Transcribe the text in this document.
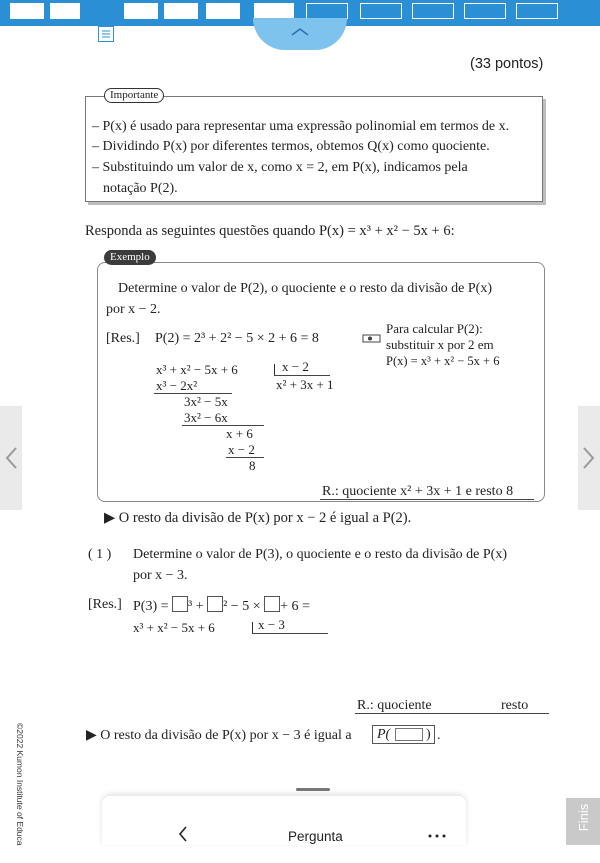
(33 pontos)
Importante
– P(x) é usado para representar uma expressão polinomial em termos de x.
– Dividindo P(x) por diferentes termos, obtemos Q(x) como quociente.
– Substituindo um valor de x, como x = 2, em P(x), indicamos pela
notação P(2).
Responda as seguintes questões quando P(x) = x³ + x² − 5x + 6:
Exemplo
Determine o valor de P(2), o quociente e o resto da divisão de P(x)
por x − 2.
[Res.] P(2) = 2³ + 2² − 5 × 2 + 6 = 8
Para calcular P(2):
substituir x por 2 em
P(x) = x³ + x² − 5x + 6
x³ + x² − 5x + 6	x − 2
x² + 3x + 1
x³ − 2x²
3x² − 5x
3x² − 6x
x + 6
x − 2
8
R.: quociente x² + 3x + 1 e resto 8
▶ O resto da divisão de P(x) por x − 2 é igual a P(2).
( 1 ) Determine o valor de P(3), o quociente e o resto da divisão de P(x)
por x − 3.
[Res.] P(3) = ³ + ² − 5 × + 6 =
x³ + x² − 5x + 6	x − 3
R.: quociente	resto
▶ O resto da divisão de P(x) por x − 3 é igual a P(	) .
©2022 Kumon Institute of Educa	Pergunta
Finis
